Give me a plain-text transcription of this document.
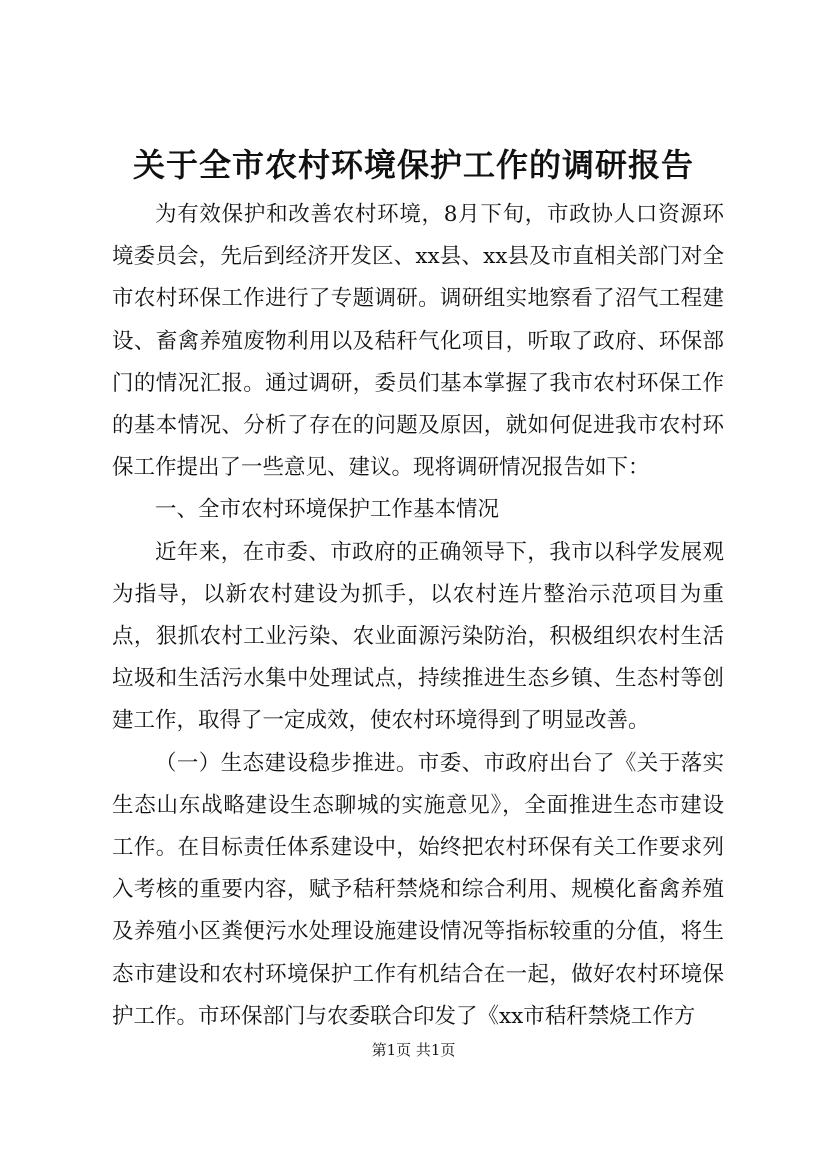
关于全市农村环境保护工作的调研报告

为有效保护和改善农村环境，8月下旬，市政协人口资源环境委员会，先后到经济开发区、xx县、xx县及市直相关部门对全市农村环保工作进行了专题调研。调研组实地察看了沼气工程建设、畜禽养殖废物利用以及秸秆气化项目，听取了政府、环保部门的情况汇报。通过调研，委员们基本掌握了我市农村环保工作的基本情况、分析了存在的问题及原因，就如何促进我市农村环保工作提出了一些意见、建议。现将调研情况报告如下：

一、全市农村环境保护工作基本情况

近年来，在市委、市政府的正确领导下，我市以科学发展观为指导，以新农村建设为抓手，以农村连片整治示范项目为重点，狠抓农村工业污染、农业面源污染防治，积极组织农村生活垃圾和生活污水集中处理试点，持续推进生态乡镇、生态村等创建工作，取得了一定成效，使农村环境得到了明显改善。

（一）生态建设稳步推进。市委、市政府出台了《关于落实生态山东战略建设生态聊城的实施意见》，全面推进生态市建设工作。在目标责任体系建设中，始终把农村环保有关工作要求列入考核的重要内容，赋予秸秆禁烧和综合利用、规模化畜禽养殖及养殖小区粪便污水处理设施建设情况等指标较重的分值，将生态市建设和农村环境保护工作有机结合在一起，做好农村环境保护工作。市环保部门与农委联合印发了《xx市秸秆禁烧工作方

第1页 共1页
